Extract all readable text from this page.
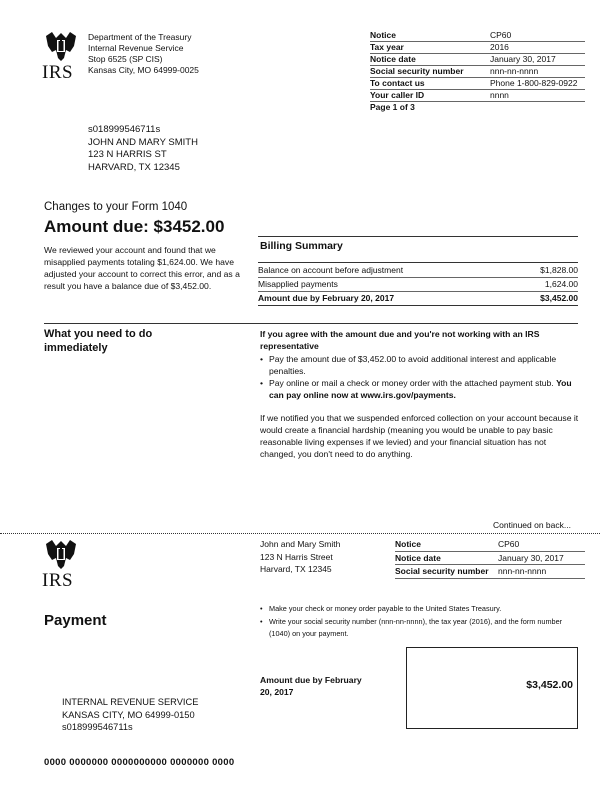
IRS
Department of the Treasury
Internal Revenue Service
Stop 6525 (SP CIS)
Kansas City, MO 64999-0025
Notice	CP60
Tax year	2016
Notice date	January 30, 2017
Social security number	nnn-nn-nnnn
To contact us	Phone 1-800-829-0922
Your caller ID	nnnn
Page 1 of 3
s018999546711s
JOHN AND MARY SMITH
123 N HARRIS ST
HARVARD, TX 12345
Changes to your Form 1040
Amount due: $3452.00
We reviewed your account and found that we misapplied payments totaling $1,624.00. We have adjusted your account to correct this error, and as a result you have a balance due of $3,452.00.
Billing Summary
Balance on account before adjustment	$1,828.00
Misapplied payments	1,624.00
Amount due by February 20, 2017	$3,452.00
What you need to do immediately
If you agree with the amount due and you're not working with an IRS representative
• Pay the amount due of $3,452.00 to avoid additional interest and applicable penalties.
• Pay online or mail a check or money order with the attached payment stub. You can pay online now at www.irs.gov/payments.
If we notified you that we suspended enforced collection on your account because it would create a financial hardship (meaning you would be unable to pay basic reasonable living expenses if we levied) and your financial situation has not changed, you don't need to do anything.
Continued on back...
IRS
John and Mary Smith
123 N Harris Street
Harvard, TX 12345
Notice	CP60
Notice date	January 30, 2017
Social security number	nnn-nn-nnnn
Payment
• Make your check or money order payable to the United States Treasury.
• Write your social security number (nnn-nn-nnnn), the tax year (2016), and the form number (1040) on your payment.
Amount due by February 20, 2017
$3,452.00
INTERNAL REVENUE SERVICE
KANSAS CITY, MO 64999-0150
s018999546711s
0000 0000000 0000000000 0000000 0000
